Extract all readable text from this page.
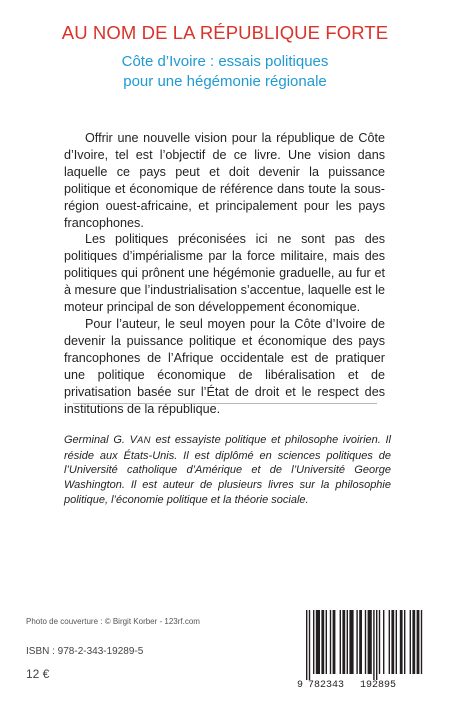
AU NOM DE LA RÉPUBLIQUE FORTE
Côte d’Ivoire : essais politiques
pour une hégémonie régionale

Offrir une nouvelle vision pour la république de Côte d’Ivoire, tel est l’objectif de ce livre. Une vision dans laquelle ce pays peut et doit devenir la puissance politique et économique de référence dans toute la sous-région ouest-africaine, et principalement pour les pays francophones.

Les politiques préconisées ici ne sont pas des politiques d’impérialisme par la force militaire, mais des politiques qui prônent une hégémonie graduelle, au fur et à mesure que l’industrialisation s’accentue, laquelle est le moteur principal de son développement économique.

Pour l’auteur, le seul moyen pour la Côte d’Ivoire de devenir la puissance politique et économique des pays francophones de l’Afrique occidentale est de pratiquer une politique économique de libéralisation et de privatisation basée sur l’État de droit et le respect des institutions de la république.

Germinal G. VAN est essayiste politique et philosophe ivoirien. Il réside aux États-Unis. Il est diplômé en sciences politiques de l’Université catholique d’Amérique et de l’Université George Washington. Il est auteur de plusieurs livres sur la philosophie politique, l’économie politique et la théorie sociale.
Photo de couverture : © Birgit Korber - 123rf.com
ISBN : 978-2-343-19289-5
12 €
9 782343 192895
